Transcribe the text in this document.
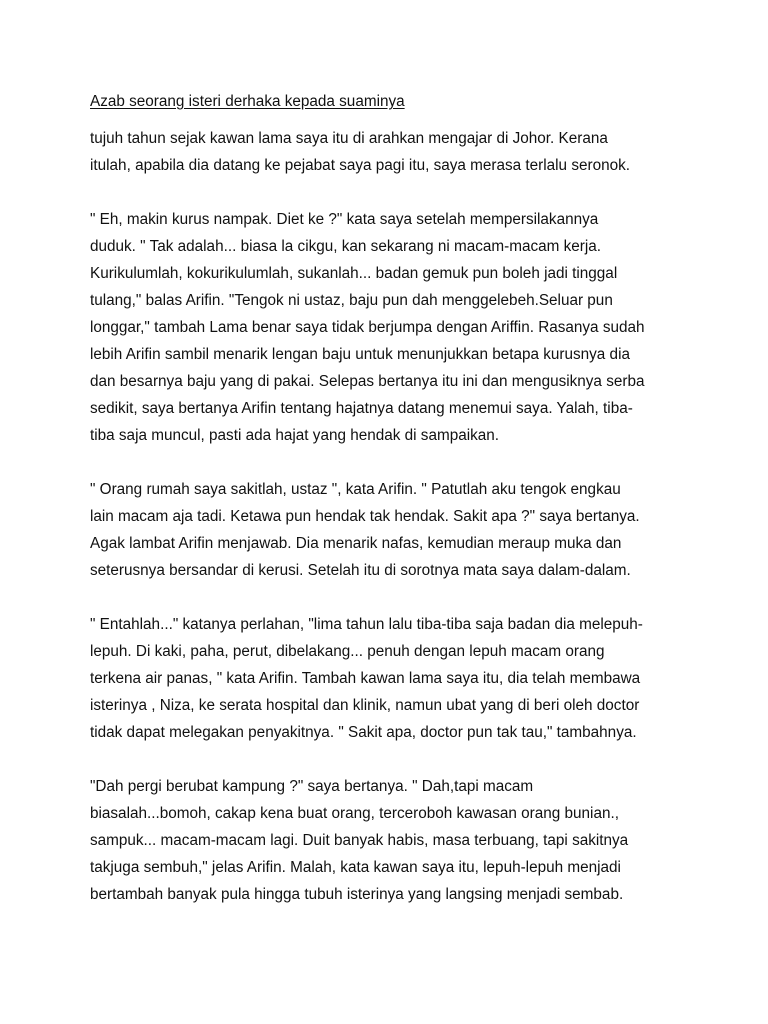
Azab seorang isteri derhaka kepada suaminya
tujuh tahun sejak kawan lama saya itu di arahkan mengajar di Johor. Kerana
itulah, apabila dia datang ke pejabat saya pagi itu, saya merasa terlalu seronok.
" Eh, makin kurus nampak. Diet ke ?" kata saya setelah mempersilakannya
duduk. " Tak adalah... biasa la cikgu, kan sekarang ni macam-macam kerja.
Kurikulumlah, kokurikulumlah, sukanlah... badan gemuk pun boleh jadi tinggal
tulang," balas Arifin. "Tengok ni ustaz, baju pun dah menggelebeh.Seluar pun
longgar," tambah Lama benar saya tidak berjumpa dengan Ariffin. Rasanya sudah
lebih Arifin sambil menarik lengan baju untuk menunjukkan betapa kurusnya dia
dan besarnya baju yang di pakai. Selepas bertanya itu ini dan mengusiknya serba
sedikit, saya bertanya Arifin tentang hajatnya datang menemui saya. Yalah, tiba-
tiba saja muncul, pasti ada hajat yang hendak di sampaikan.
" Orang rumah saya sakitlah, ustaz ", kata Arifin. " Patutlah aku tengok engkau
lain macam aja tadi. Ketawa pun hendak tak hendak. Sakit apa ?" saya bertanya.
Agak lambat Arifin menjawab. Dia menarik nafas, kemudian meraup muka dan
seterusnya bersandar di kerusi. Setelah itu di sorotnya mata saya dalam-dalam.
" Entahlah..." katanya perlahan, "lima tahun lalu tiba-tiba saja badan dia melepuh-
lepuh. Di kaki, paha, perut, dibelakang... penuh dengan lepuh macam orang
terkena air panas, " kata Arifin. Tambah kawan lama saya itu, dia telah membawa
isterinya , Niza, ke serata hospital dan klinik, namun ubat yang di beri oleh doctor
tidak dapat melegakan penyakitnya. " Sakit apa, doctor pun tak tau," tambahnya.
"Dah pergi berubat kampung ?" saya bertanya. " Dah,tapi macam
biasalah...bomoh, cakap kena buat orang, terceroboh kawasan orang bunian.,
sampuk... macam-macam lagi. Duit banyak habis, masa terbuang, tapi sakitnya
takjuga sembuh," jelas Arifin. Malah, kata kawan saya itu, lepuh-lepuh menjadi
bertambah banyak pula hingga tubuh isterinya yang langsing menjadi sembab.
